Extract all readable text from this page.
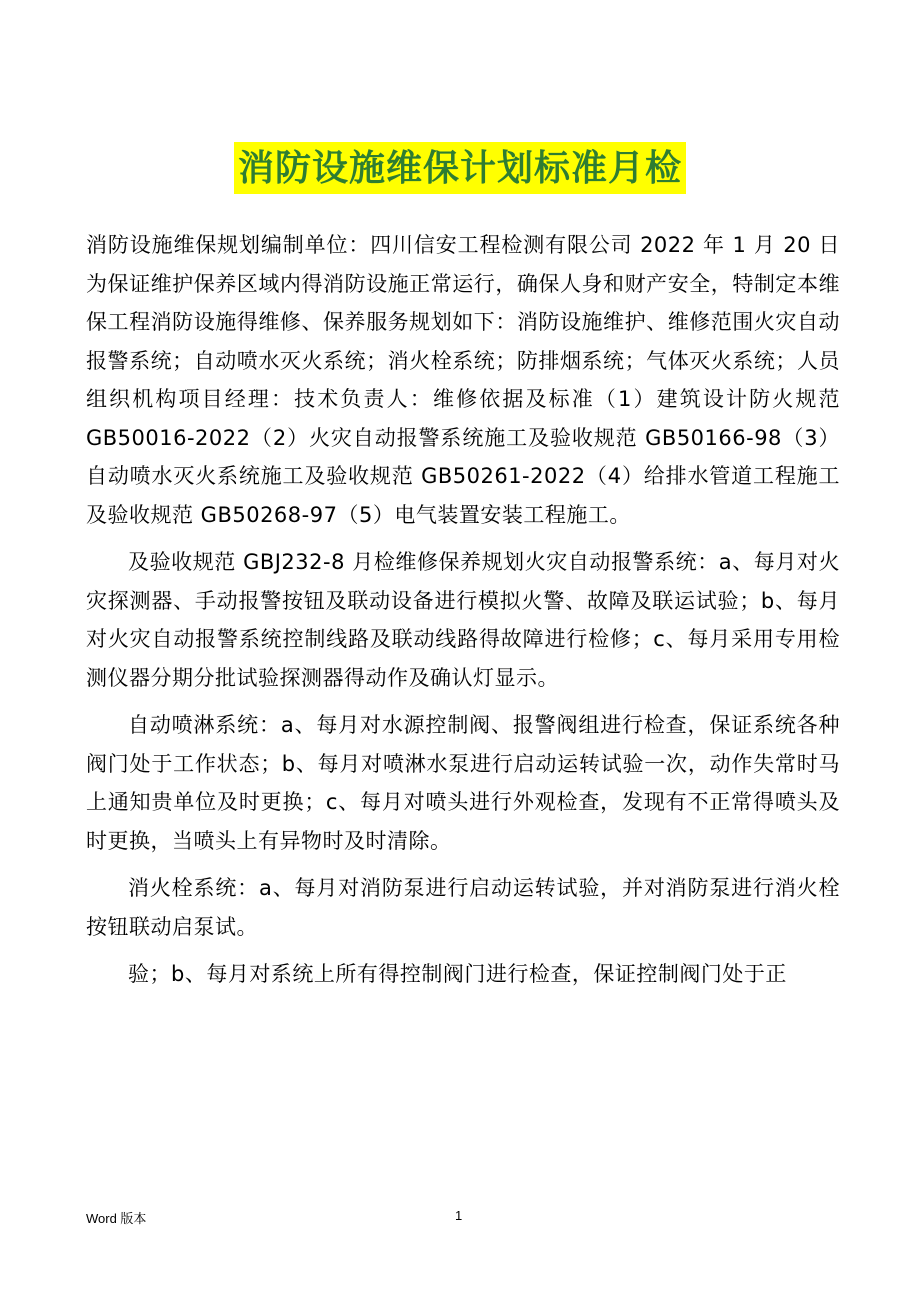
消防设施维保计划标准月检

消防设施维保规划编制单位：四川信安工程检测有限公司 2022 年 1 月 20 日为保证维护保养区域内得消防设施正常运行，确保人身和财产安全，特制定本维保工程消防设施得维修、保养服务规划如下：消防设施维护、维修范围火灾自动报警系统；自动喷水灭火系统；消火栓系统；防排烟系统；气体灭火系统；人员组织机构项目经理：技术负责人：维修依据及标准（1）建筑设计防火规范 GB50016-2022（2）火灾自动报警系统施工及验收规范 GB50166-98（3）自动喷水灭火系统施工及验收规范 GB50261-2022（4）给排水管道工程施工及验收规范 GB50268-97（5）电气装置安装工程施工。

及验收规范 GBJ232-8 月检维修保养规划火灾自动报警系统：a、每月对火灾探测器、手动报警按钮及联动设备进行模拟火警、故障及联运试验；b、每月对火灾自动报警系统控制线路及联动线路得故障进行检修；c、每月采用专用检测仪器分期分批试验探测器得动作及确认灯显示。

自动喷淋系统：a、每月对水源控制阀、报警阀组进行检查，保证系统各种阀门处于工作状态；b、每月对喷淋水泵进行启动运转试验一次，动作失常时马上通知贵单位及时更换；c、每月对喷头进行外观检查，发现有不正常得喷头及时更换，当喷头上有异物时及时清除。

消火栓系统：a、每月对消防泵进行启动运转试验，并对消防泵进行消火栓按钮联动启泵试。

验；b、每月对系统上所有得控制阀门进行检查，保证控制阀门处于正

Word 版本	1
